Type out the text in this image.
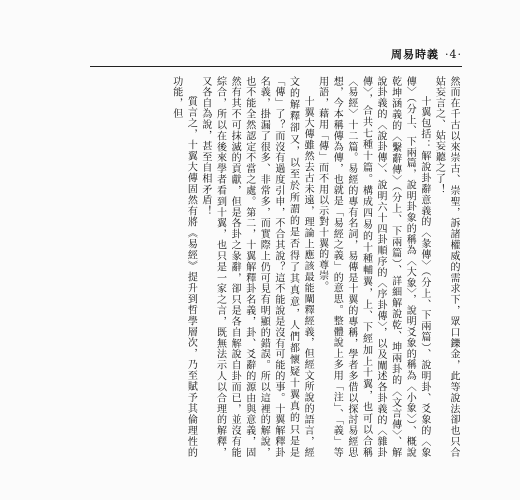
周易時義 ·4·

然而在千古以來崇古、崇聖，訴諸權威的需求下，眾口鑠金，此等說法卻也只合姑妄言之、姑妄聽之了！

十翼包括：解說卦辭意義的〈彖傳〉（分上、下兩篇）、說明卦、爻象的〈象傳〉（分上、下兩篇，說明卦象的稱為〈大象〉，說明爻象的稱為〈小象〉）、概說乾坤涵義的〈繫辭傳〉（分上、下兩篇）、詳細解說乾、坤兩卦的〈文言傳〉、解說卦義的〈說卦傳〉、說明六十四卦順序的〈序卦傳〉，以及闡述各卦義的〈雜卦傳〉，合共七種十篇。構成四易的十種輔翼，上、下經加上十翼，也可以合稱〈易經〉十二篇。易經的專有名詞，易傳是十翼的專稱，學者多借以探討易經思想，今本稱傳為傳，也就是「易經之義」的意思。整體說上多用「注」、「義」等用語，藉用「傳」而不用以示對十翼的尊崇。

十翼大傳雖然去古未遠，理論上應該最能闡釋經義，但經文所說的語言，經文的解釋卻又，以至於所謂的是否得了其真意，人們都懷疑十翼真的只是是「傳」了？而沒有過度引申，不合其說？這不能說是沒有可能的事。十翼解釋卦名義，掛漏了很多、非常多，而實際上仍可見有明顯的錯誤。所以這裡的解說，也不能全然認定不當之處。第二，十翼解釋卦名義，卦、爻辭的源由與意義，固然有其不可抹滅的貢獻，但是各卦之彖辭，卻只是各自解說自卦而已，並沒有能綜合，所以在後來學者看到十翼，也只是一家之言，既無法示人以合理的解釋，又各自為說，甚至自相矛盾！

質言之，十翼大傳固然有將《易經》提升到哲學層次，乃至賦予其倫理性的功能，但
